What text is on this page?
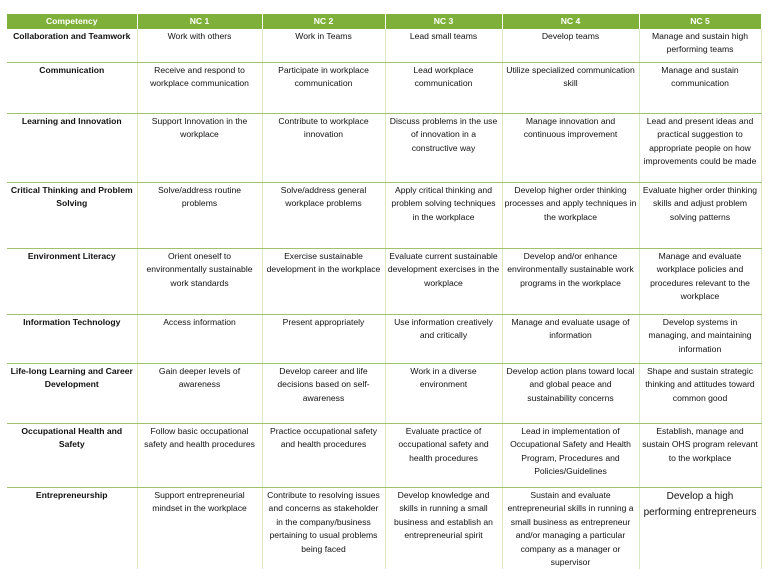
Competency	NC 1	NC 2	NC 3	NC 4	NC 5
Collaboration and Teamwork	Work with others	Work in Teams	Lead small teams	Develop teams	Manage and sustain high performing teams
Communication	Receive and respond to workplace communication	Participate in workplace communication	Lead workplace communication	Utilize specialized communication skill	Manage and sustain communication
Learning and Innovation	Support Innovation in the workplace	Contribute to workplace innovation	Discuss problems in the use of innovation in a constructive way	Manage innovation and continuous improvement	Lead and present ideas and practical suggestion to appropriate people on how improvements could be made
Critical Thinking and Problem Solving	Solve/address routine problems	Solve/address general workplace problems	Apply critical thinking and problem solving techniques in the workplace	Develop higher order thinking processes and apply techniques in the workplace	Evaluate higher order thinking skills and adjust problem solving patterns
Environment Literacy	Orient oneself to environmentally sustainable work standards	Exercise sustainable development in the workplace	Evaluate current sustainable development exercises in the workplace	Develop and/or enhance environmentally sustainable work programs in the workplace	Manage and evaluate workplace policies and procedures relevant to the workplace
Information Technology	Access information	Present appropriately	Use information creatively and critically	Manage and evaluate usage of information	Develop systems in managing, and maintaining information
Life-long Learning and Career Development	Gain deeper levels of awareness	Develop career and life decisions based on self-awareness	Work in a diverse environment	Develop action plans toward local and global peace and sustainability concerns	Shape and sustain strategic thinking and attitudes toward common good
Occupational Health and Safety	Follow basic occupational safety and health procedures	Practice occupational safety and health procedures	Evaluate practice of occupational safety and health procedures	Lead in implementation of Occupational Safety and Health Program, Procedures and Policies/Guidelines	Establish, manage and sustain OHS program relevant to the workplace
Entrepreneurship	Support entrepreneurial mindset in the workplace	Contribute to resolving issues and concerns as stakeholder in the company/business pertaining to usual problems being faced	Develop knowledge and skills in running a small business and establish an entrepreneurial spirit	Sustain and evaluate entrepreneurial skills in running a small business as entrepreneur and/or managing a particular company as a manager or supervisor	Develop a high performing entrepreneurs
